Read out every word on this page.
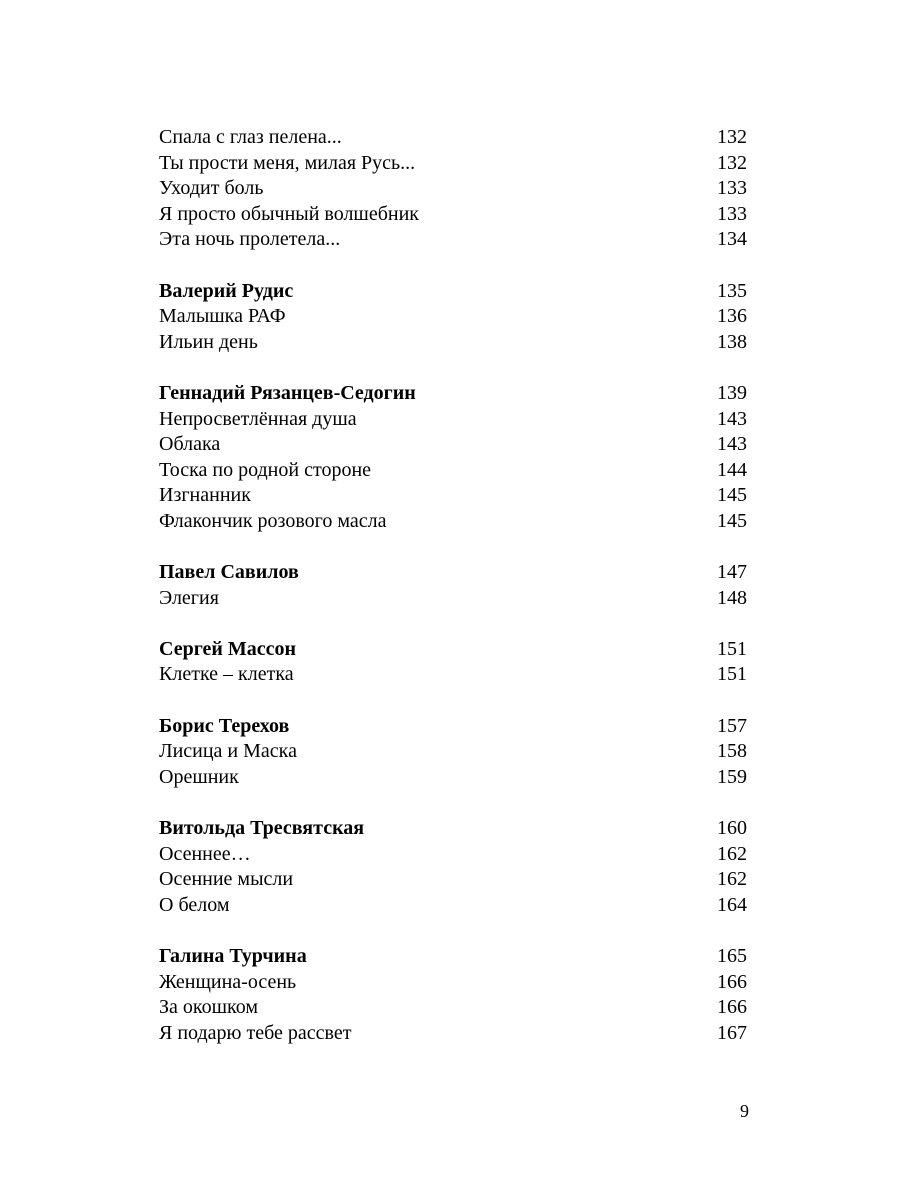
Спала с глаз пелена...	132
Ты прости меня, милая Русь...	132
Уходит боль	133
Я просто обычный волшебник	133
Эта ночь пролетела...	134
Валерий Рудис	135
Малышка РАФ	136
Ильин день	138
Геннадий Рязанцев-Седогин	139
Непросветлённая душа	143
Облака	143
Тоска по родной стороне	144
Изгнанник	145
Флакончик розового масла	145
Павел Савилов	147
Элегия	148
Сергей Массон	151
Клетке – клетка	151
Борис Терехов	157
Лисица и Маска	158
Орешник	159
Витольда Тресвятская	160
Осеннее…	162
Осенние мысли	162
О белом	164
Галина Турчина	165
Женщина-осень	166
За окошком	166
Я подарю тебе рассвет	167
9
